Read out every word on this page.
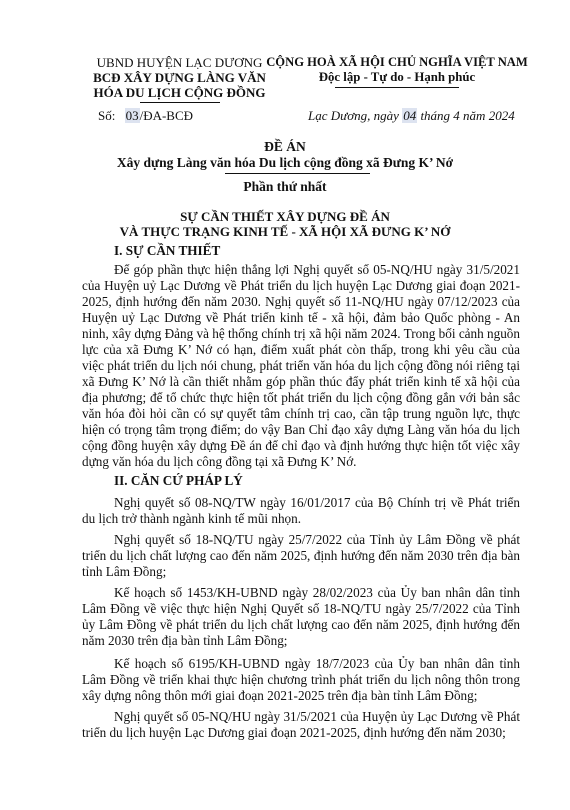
UBND HUYỆN LẠC DƯƠNG
BCĐ XÂY DỰNG LÀNG VĂN
HÓA DU LỊCH CỘNG ĐỒNG
CỘNG HOÀ XÃ HỘI CHỦ NGHĨA VIỆT NAM
Độc lập - Tự do - Hạnh phúc
Số: 03/ĐA-BCĐ	Lạc Dương, ngày 04 tháng 4 năm 2024
ĐỀ ÁN
Xây dựng Làng văn hóa Du lịch cộng đồng xã Đưng K’ Nớ
Phần thứ nhất
SỰ CẦN THIẾT XÂY DỰNG ĐỀ ÁN
VÀ THỰC TRẠNG KINH TẾ - XÃ HỘI XÃ ĐƯNG K’ NỚ
I. SỰ CẦN THIẾT
Để góp phần thực hiện thắng lợi Nghị quyết số 05-NQ/HU ngày 31/5/2021 của Huyện uỷ Lạc Dương về Phát triển du lịch huyện Lạc Dương giai đoạn 2021-2025, định hướng đến năm 2030. Nghị quyết số 11-NQ/HU ngày 07/12/2023 của Huyện uỷ Lạc Dương về Phát triển kinh tế - xã hội, đảm bảo Quốc phòng - An ninh, xây dựng Đảng và hệ thống chính trị xã hội năm 2024. Trong bối cảnh nguồn lực của xã Đưng K’ Nớ có hạn, điểm xuất phát còn thấp, trong khi yêu cầu của việc phát triển du lịch nói chung, phát triển văn hóa du lịch cộng đồng nói riêng tại xã Đưng K’ Nớ là cần thiết nhằm góp phần thúc đẩy phát triển kinh tế xã hội của địa phương; để tổ chức thực hiện tốt phát triển du lịch cộng đồng gắn với bản sắc văn hóa đòi hỏi cần có sự quyết tâm chính trị cao, cần tập trung nguồn lực, thực hiện có trọng tâm trọng điểm; do vậy Ban Chỉ đạo xây dựng Làng văn hóa du lịch cộng đồng huyện xây dựng Đề án để chỉ đạo và định hướng thực hiện tốt việc xây dựng văn hóa du lịch công đồng tại xã Đưng K’ Nớ.
II. CĂN CỨ PHÁP LÝ
Nghị quyết số 08-NQ/TW ngày 16/01/2017 của Bộ Chính trị về Phát triển du lịch trở thành ngành kinh tế mũi nhọn.
Nghị quyết số 18-NQ/TU ngày 25/7/2022 của Tỉnh ủy Lâm Đồng về phát triển du lịch chất lượng cao đến năm 2025, định hướng đến năm 2030 trên địa bàn tỉnh Lâm Đồng;
Kế hoạch số 1453/KH-UBND ngày 28/02/2023 của Ủy ban nhân dân tỉnh Lâm Đồng về việc thực hiện Nghị Quyết số 18-NQ/TU ngày 25/7/2022 của Tỉnh ủy Lâm Đồng về phát triển du lịch chất lượng cao đến năm 2025, định hướng đến năm 2030 trên địa bàn tỉnh Lâm Đồng;
Kế hoạch số 6195/KH-UBND ngày 18/7/2023 của Ủy ban nhân dân tỉnh Lâm Đồng về triển khai thực hiện chương trình phát triển du lịch nông thôn trong xây dựng nông thôn mới giai đoạn 2021-2025 trên địa bàn tỉnh Lâm Đồng;
Nghị quyết số 05-NQ/HU ngày 31/5/2021 của Huyện ủy Lạc Dương về Phát triển du lịch huyện Lạc Dương giai đoạn 2021-2025, định hướng đến năm 2030;
